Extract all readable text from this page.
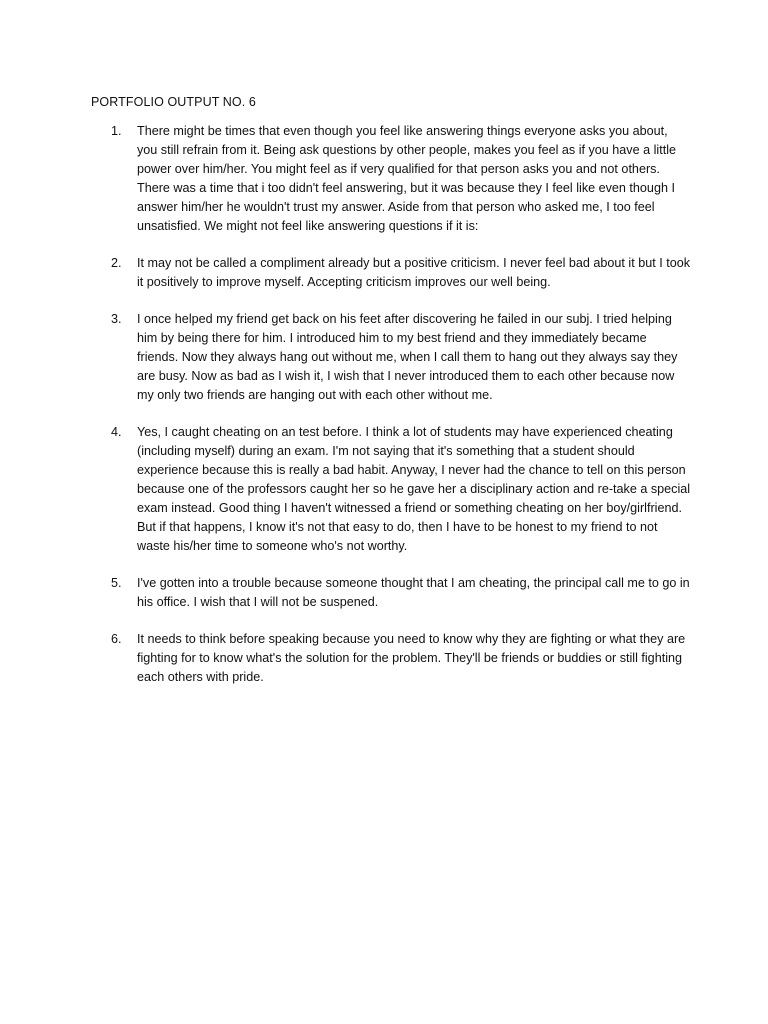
PORTFOLIO OUTPUT NO. 6
1. There might be times that even though you feel like answering things everyone asks you about, you still refrain from it. Being ask questions by other people, makes you feel as if you have a little power over him/her. You might feel as if very qualified for that person asks you and not others. There was a time that i too didn't feel answering, but it was because they I feel like even though I answer him/her he wouldn't trust my answer. Aside from that person who asked me, I too feel unsatisfied. We might not feel like answering questions if it is:
2. It may not be called a compliment already but a positive criticism. I never feel bad about it but I took it positively to improve myself. Accepting criticism improves our well being.
3. I once helped my friend get back on his feet after discovering he failed in our subj. I tried helping him by being there for him. I introduced him to my best friend and they immediately became friends. Now they always hang out without me, when I call them to hang out they always say they are busy. Now as bad as I wish it, I wish that I never introduced them to each other because now my only two friends are hanging out with each other without me.
4. Yes, I caught cheating on an test before. I think a lot of students may have experienced cheating (including myself) during an exam. I'm not saying that it's something that a student should experience because this is really a bad habit. Anyway, I never had the chance to tell on this person because one of the professors caught her so he gave her a disciplinary action and re-take a special exam instead. Good thing I haven't witnessed a friend or something cheating on her boy/girlfriend. But if that happens, I know it's not that easy to do, then I have to be honest to my friend to not waste his/her time to someone who's not worthy.
5. I've gotten into a trouble because someone thought that I am cheating, the principal call me to go in his office. I wish that I will not be suspened.
6. It needs to think before speaking because you need to know why they are fighting or what they are fighting for to know what's the solution for the problem. They'll be friends or buddies or still fighting each others with pride.
